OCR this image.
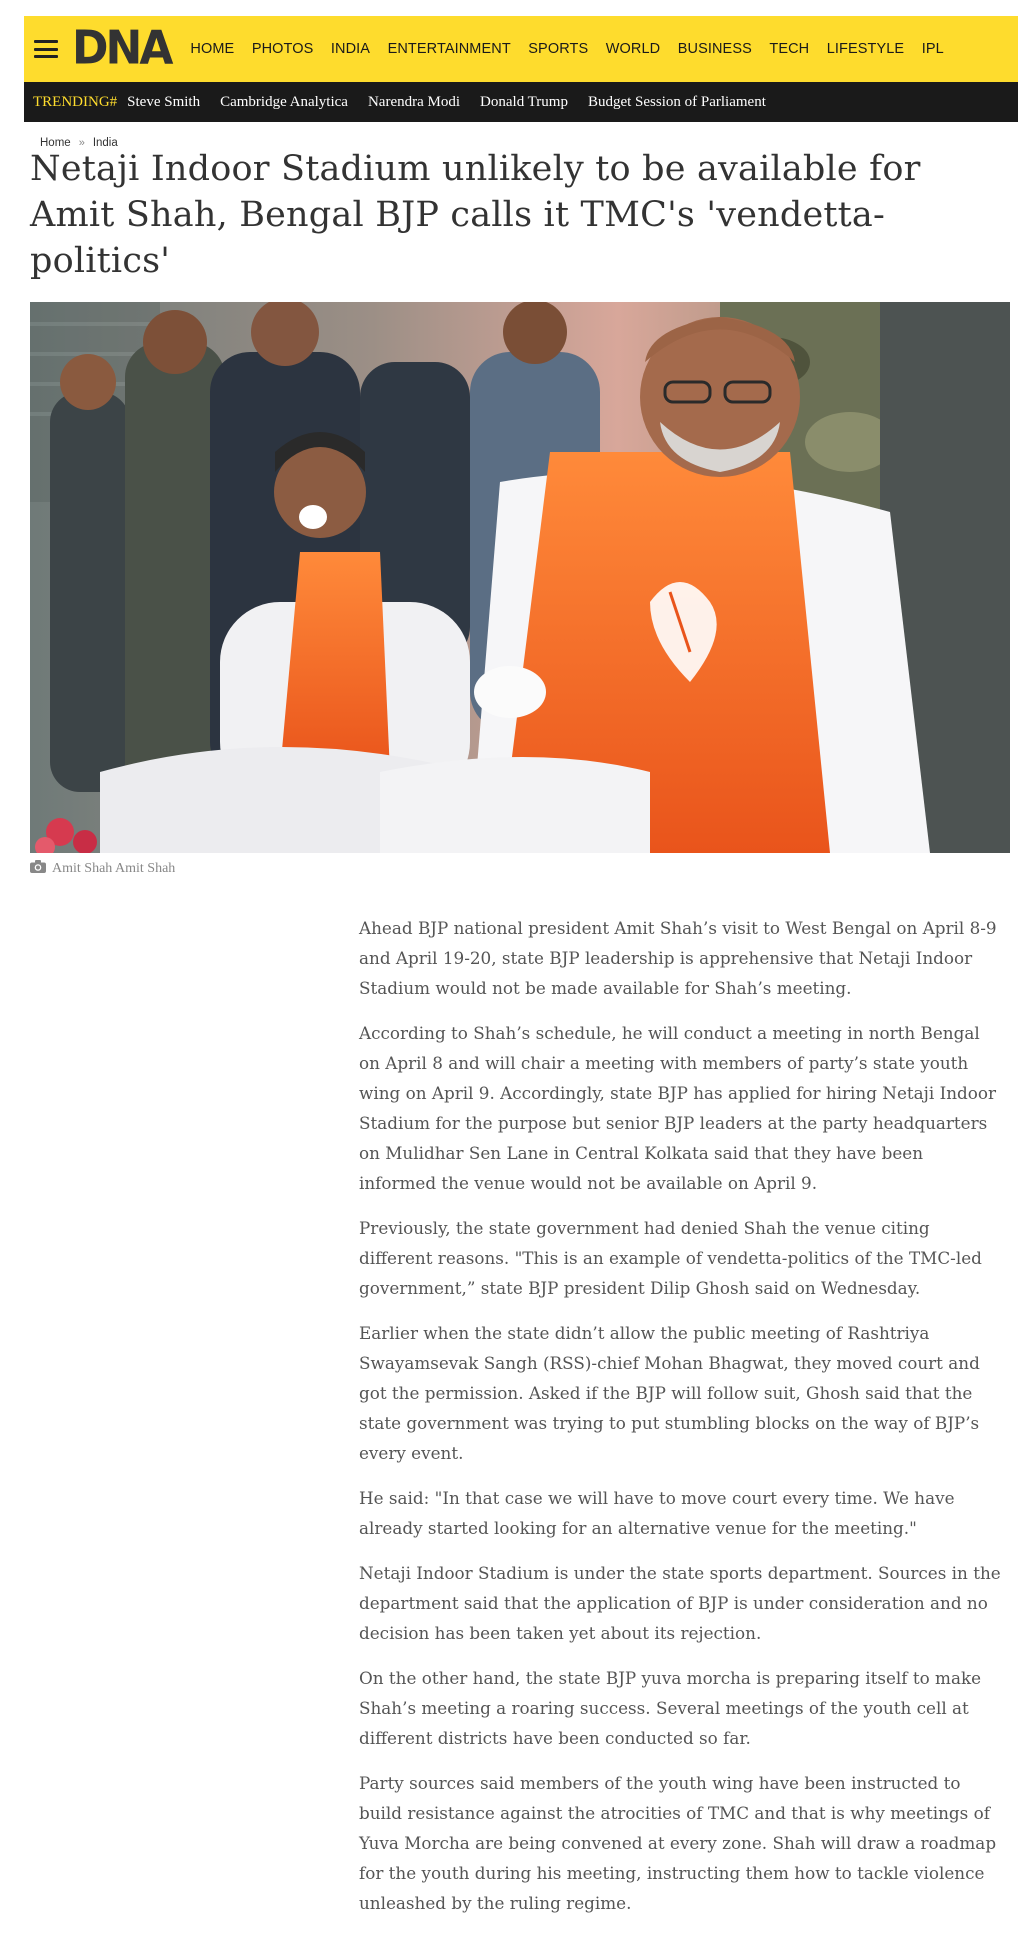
DNA HOME PHOTOS INDIA ENTERTAINMENT SPORTS WORLD BUSINESS TECH LIFESTYLE IPL
TRENDING# Steve Smith Cambridge Analytica Narendra Modi Donald Trump Budget Session of Parliament
Home » India
Netaji Indoor Stadium unlikely to be available for Amit Shah, Bengal BJP calls it TMC's 'vendetta-politics'
Amit Shah Amit Shah

Ahead BJP national president Amit Shah’s visit to West Bengal on April 8-9 and April 19-20, state BJP leadership is apprehensive that Netaji Indoor Stadium would not be made available for Shah’s meeting.

According to Shah’s schedule, he will conduct a meeting in north Bengal on April 8 and will chair a meeting with members of party’s state youth wing on April 9. Accordingly, state BJP has applied for hiring Netaji Indoor Stadium for the purpose but senior BJP leaders at the party headquarters on Mulidhar Sen Lane in Central Kolkata said that they have been informed the venue would not be available on April 9.

Previously, the state government had denied Shah the venue citing different reasons. "This is an example of vendetta-politics of the TMC-led government,” state BJP president Dilip Ghosh said on Wednesday.

Earlier when the state didn’t allow the public meeting of Rashtriya Swayamsevak Sangh (RSS)-chief Mohan Bhagwat, they moved court and got the permission. Asked if the BJP will follow suit, Ghosh said that the state government was trying to put stumbling blocks on the way of BJP’s every event.

He said: "In that case we will have to move court every time. We have already started looking for an alternative venue for the meeting."

Netaji Indoor Stadium is under the state sports department. Sources in the department said that the application of BJP is under consideration and no decision has been taken yet about its rejection.

On the other hand, the state BJP yuva morcha is preparing itself to make Shah’s meeting a roaring success. Several meetings of the youth cell at different districts have been conducted so far.

Party sources said members of the youth wing have been instructed to build resistance against the atrocities of TMC and that is why meetings of Yuva Morcha are being convened at every zone. Shah will draw a roadmap for the youth during his meeting, instructing them how to tackle violence unleashed by the ruling regime.
